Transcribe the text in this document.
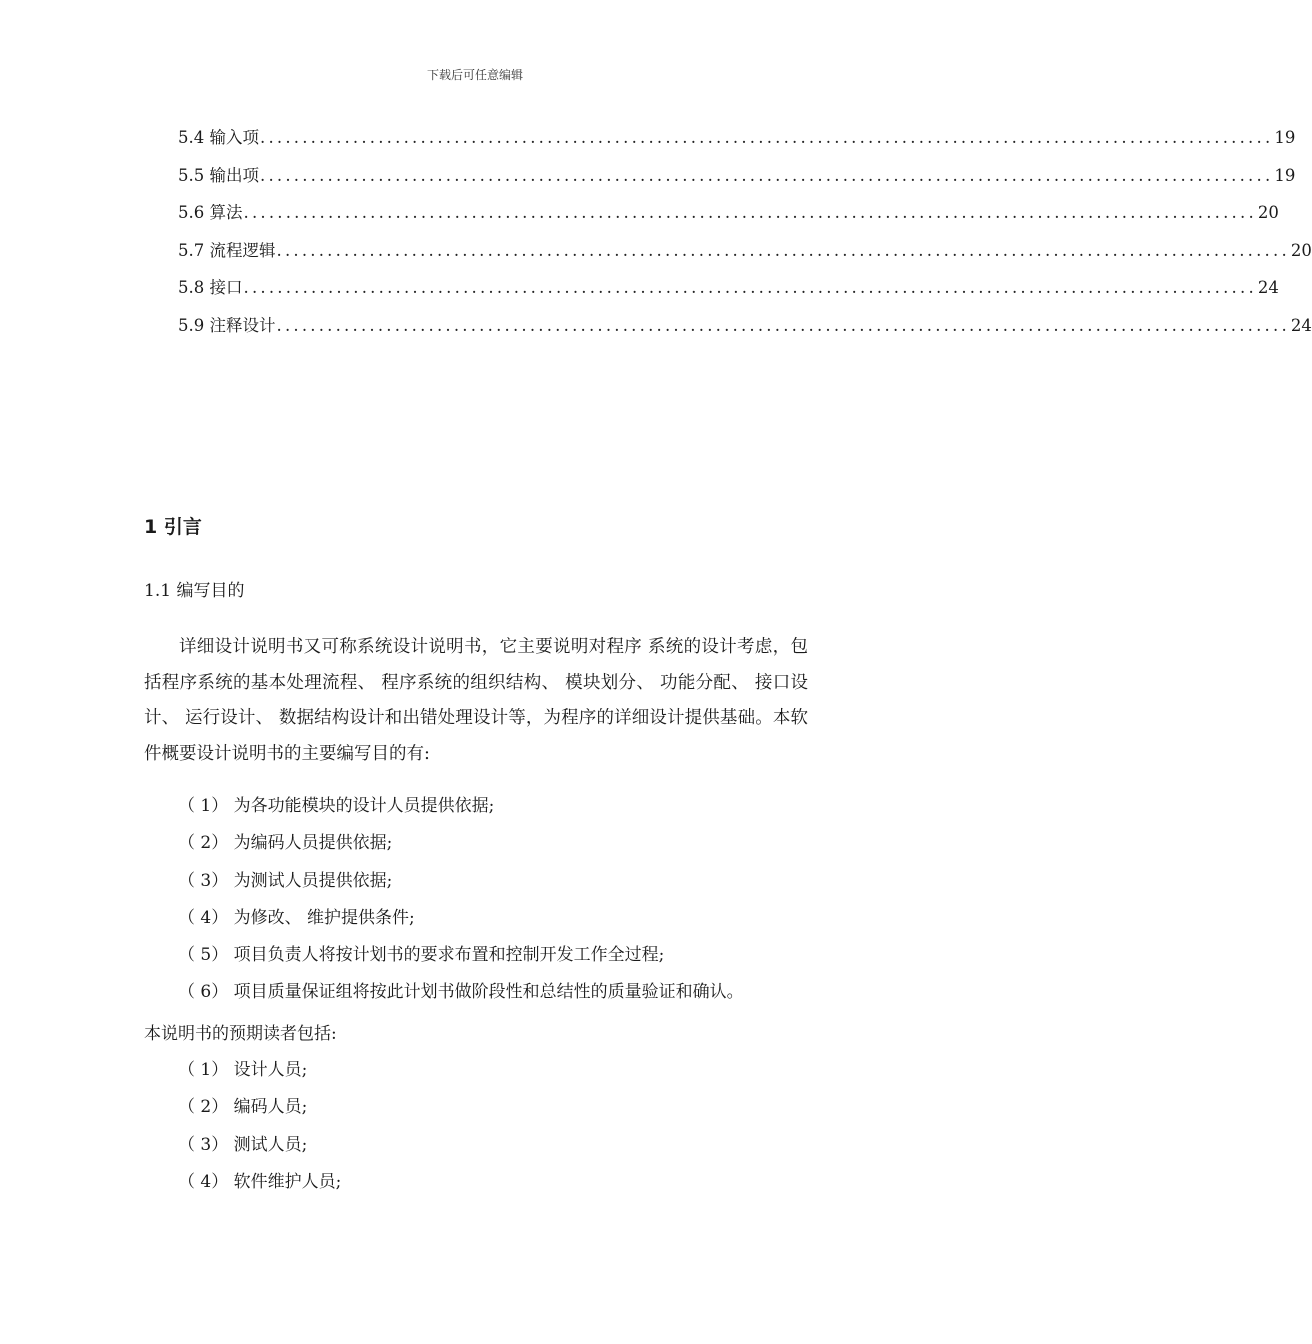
下载后可任意编辑
5.4 输入项 ........................................................................................................................ 19
5.5 输出项 ........................................................................................................................ 19
5.6 算法 ........................................................................................................................ 20
5.7 流程逻辑 ........................................................................................................................ 20
5.8 接口 ........................................................................................................................ 24
5.9 注释设计 ........................................................................................................................ 24
1 引言
1.1 编写目的

详细设计说明书又可称系统设计说明书，它主要说明对程序 系统的设计考虑，包括程序系统的基本处理流程、 程序系统的组织结构、 模块划分、 功能分配、 接口设计、 运行设计、 数据结构设计和出错处理设计等，为程序的详细设计提供基础。本软件概要设计说明书的主要编写目的有:

（ 1） 为各功能模块的设计人员提供依据;
（ 2） 为编码人员提供依据;
（ 3） 为测试人员提供依据;
（ 4） 为修改、 维护提供条件;
（ 5） 项目负责人将按计划书的要求布置和控制开发工作全过程;
（ 6） 项目质量保证组将按此计划书做阶段性和总结性的质量验证和确认。
本说明书的预期读者包括:
（ 1） 设计人员;
（ 2） 编码人员;
（ 3） 测试人员;
（ 4） 软件维护人员;
